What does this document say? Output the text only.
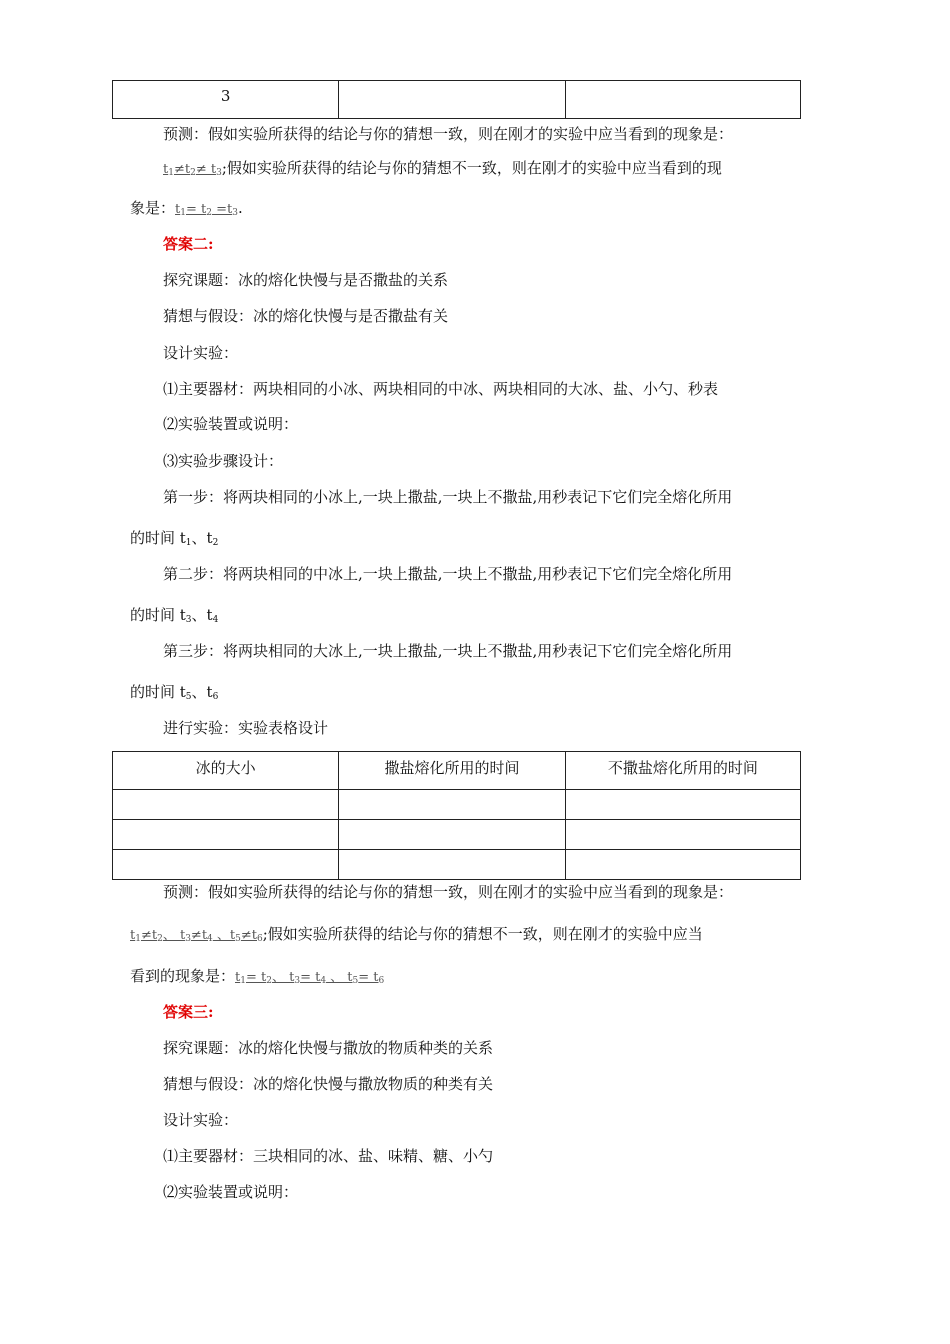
3		
预测：假如实验所获得的结论与你的猜想一致，则在刚才的实验中应当看到的现象是：
$t_1\ne t_2\ne t_3$;假如实验所获得的结论与你的猜想不一致，则在刚才的实验中应当看到的现
象是：$t_1= t_2 =t_3$.
答案二:
探究课题：冰的熔化快慢与是否撒盐的关系
猜想与假设：冰的熔化快慢与是否撒盐有关
设计实验：
⑴主要器材：两块相同的小冰、两块相同的中冰、两块相同的大冰、盐、小勺、秒表
⑵实验装置或说明：
⑶实验步骤设计：
第一步：将两块相同的小冰上,一块上撒盐,一块上不撒盐,用秒表记下它们完全熔化所用
的时间 $t_1$、$t_2$
第二步：将两块相同的中冰上,一块上撒盐,一块上不撒盐,用秒表记下它们完全熔化所用
的时间 $t_3$、$t_4$
第三步：将两块相同的大冰上,一块上撒盐,一块上不撒盐,用秒表记下它们完全熔化所用
的时间 $t_5$、$t_6$
进行实验：实验表格设计
冰的大小	撒盐熔化所用的时间	不撒盐熔化所用的时间

预测：假如实验所获得的结论与你的猜想一致，则在刚才的实验中应当看到的现象是：
$t_1\ne t_2$、 $t_3\ne t_4$ 、$t_5\ne t_6$;假如实验所获得的结论与你的猜想不一致，则在刚才的实验中应当
看到的现象是：$t_1= t_2$、 $t_3= t_4$ 、 $t_5= t_6$
答案三:
探究课题：冰的熔化快慢与撒放的物质种类的关系
猜想与假设：冰的熔化快慢与撒放物质的种类有关
设计实验：
⑴主要器材：三块相同的冰、盐、味精、糖、小勺
⑵实验装置或说明：
